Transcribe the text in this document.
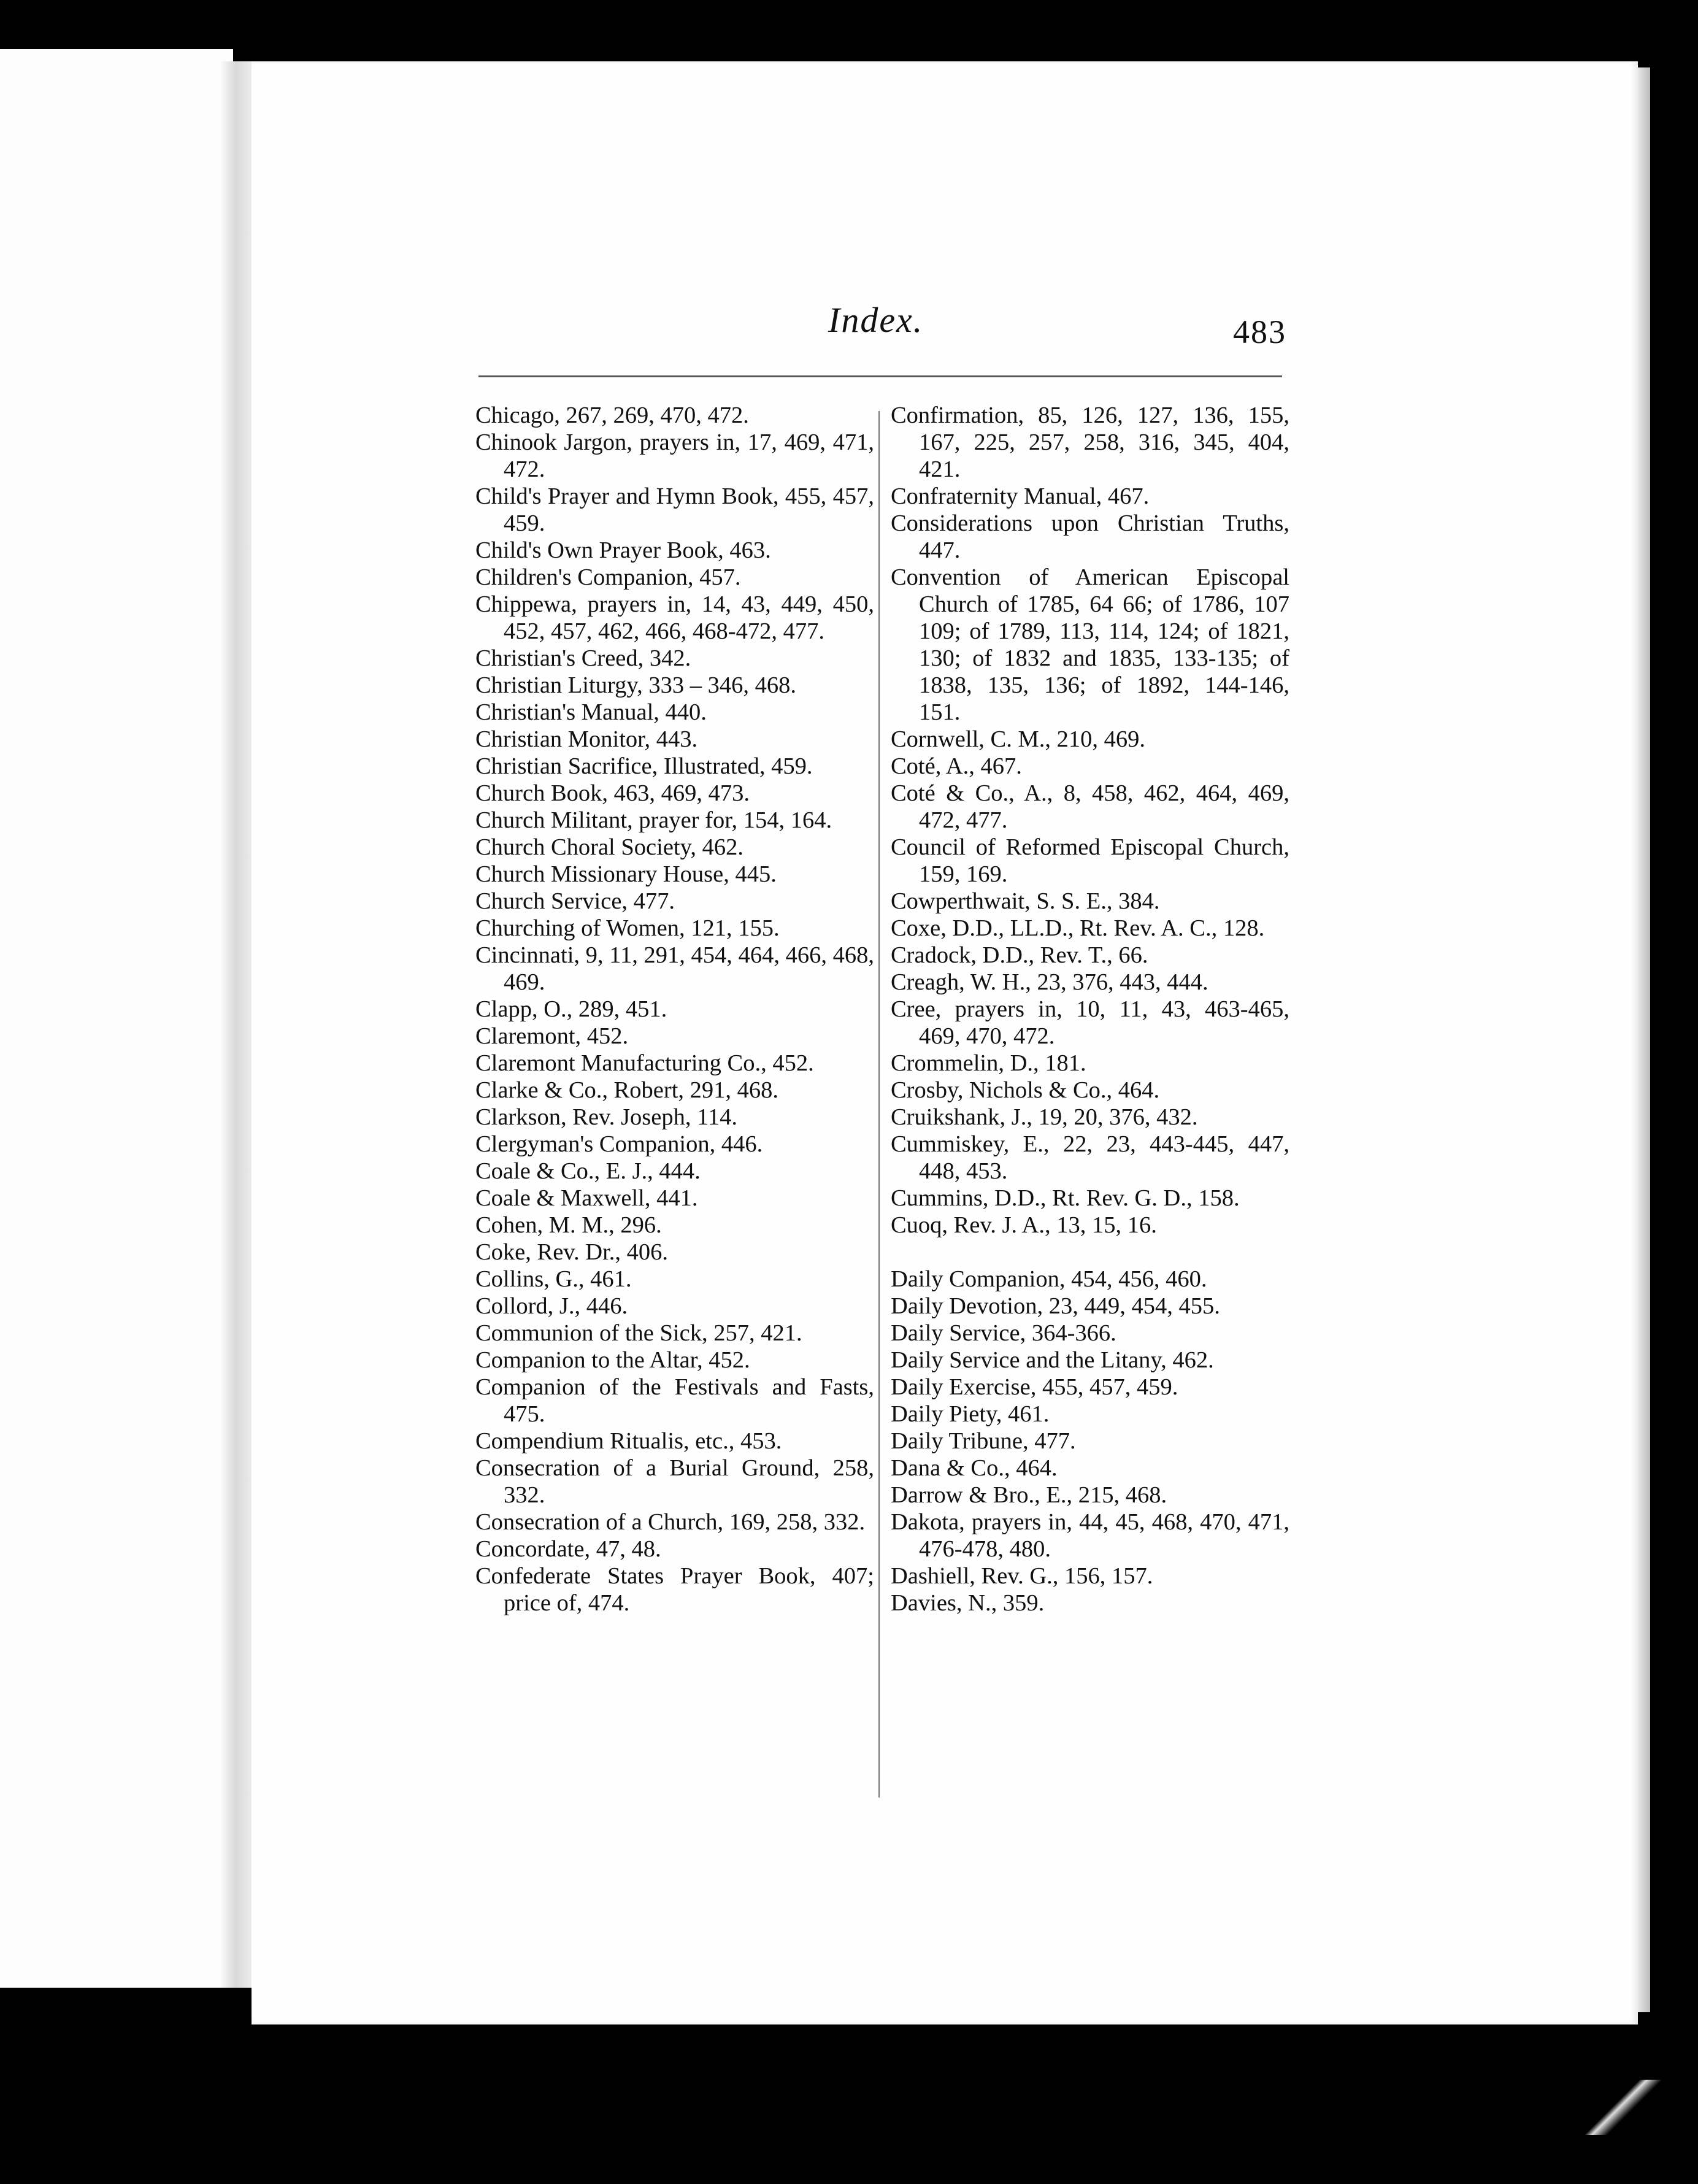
Index.	483

Chicago, 267, 269, 470, 472.

Chinook Jargon, prayers in, 17, 469, 471, 472.

Child's Prayer and Hymn Book, 455, 457, 459.

Child's Own Prayer Book, 463.

Children's Companion, 457.

Chippewa, prayers in, 14, 43, 449, 450, 452, 457, 462, 466, 468-472, 477.

Christian's Creed, 342.

Christian Liturgy, 333 – 346, 468.

Christian's Manual, 440.

Christian Monitor, 443.

Christian Sacrifice, Illustrated, 459.

Church Book, 463, 469, 473.

Church Militant, prayer for, 154, 164.

Church Choral Society, 462.

Church Missionary House, 445.

Church Service, 477.

Churching of Women, 121, 155.

Cincinnati, 9, 11, 291, 454, 464, 466, 468, 469.

Clapp, O., 289, 451.

Claremont, 452.

Claremont Manufacturing Co., 452.

Clarke & Co., Robert, 291, 468.

Clarkson, Rev. Joseph, 114.

Clergyman's Companion, 446.

Coale & Co., E. J., 444.

Coale & Maxwell, 441.

Cohen, M. M., 296.

Coke, Rev. Dr., 406.

Collins, G., 461.

Collord, J., 446.

Communion of the Sick, 257, 421.

Companion to the Altar, 452.

Companion of the Festivals and Fasts, 475.

Compendium Ritualis, etc., 453.

Consecration of a Burial Ground, 258, 332.

Consecration of a Church, 169, 258, 332.

Concordate, 47, 48.

Confederate States Prayer Book, 407; price of, 474.

Confirmation, 85, 126, 127, 136, 155, 167, 225, 257, 258, 316, 345, 404, 421.

Confraternity Manual, 467.

Considerations upon Christian Truths, 447.

Convention of American Episcopal Church of 1785, 64 66; of 1786, 107 109; of 1789, 113, 114, 124; of 1821, 130; of 1832 and 1835, 133-135; of 1838, 135, 136; of 1892, 144-146, 151.

Cornwell, C. M., 210, 469.

Coté, A., 467.

Coté & Co., A., 8, 458, 462, 464, 469, 472, 477.

Council of Reformed Episcopal Church, 159, 169.

Cowperthwait, S. S. E., 384.

Coxe, D.D., LL.D., Rt. Rev. A. C., 128.

Cradock, D.D., Rev. T., 66.

Creagh, W. H., 23, 376, 443, 444.

Cree, prayers in, 10, 11, 43, 463-465, 469, 470, 472.

Crommelin, D., 181.

Crosby, Nichols & Co., 464.

Cruikshank, J., 19, 20, 376, 432.

Cummiskey, E., 22, 23, 443-445, 447, 448, 453.

Cummins, D.D., Rt. Rev. G. D., 158.

Cuoq, Rev. J. A., 13, 15, 16.

Daily Companion, 454, 456, 460.

Daily Devotion, 23, 449, 454, 455.

Daily Service, 364-366.

Daily Service and the Litany, 462.

Daily Exercise, 455, 457, 459.

Daily Piety, 461.

Daily Tribune, 477.

Dana & Co., 464.

Darrow & Bro., E., 215, 468.

Dakota, prayers in, 44, 45, 468, 470, 471, 476-478, 480.

Dashiell, Rev. G., 156, 157.

Davies, N., 359.
